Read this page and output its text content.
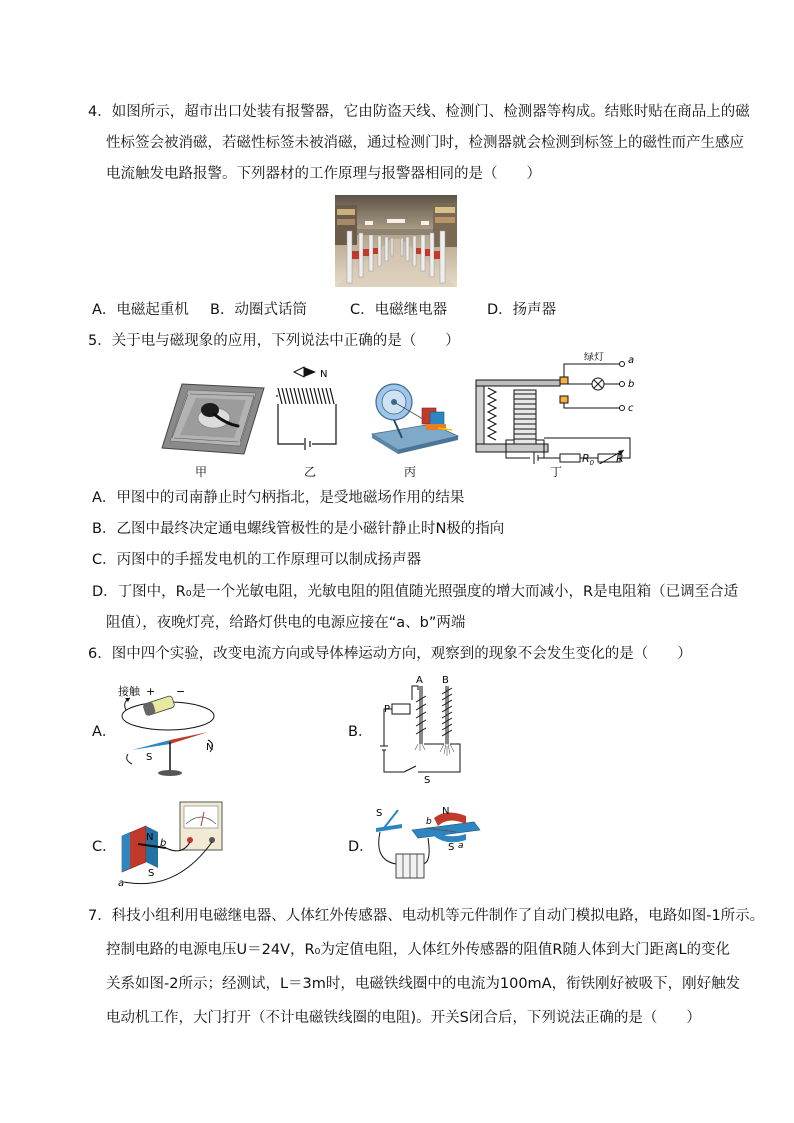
4．如图所示，超市出口处装有报警器，它由防盗天线、检测门、检测器等构成。结账时贴在商品上的磁
性标签会被消磁，若磁性标签未被消磁，通过检测门时，检测器就会检测到标签上的磁性而产生感应
电流触发电路报警。下列器材的工作原理与报警器相同的是（　　）
A．电磁起重机 B．动圈式话筒	C．电磁继电器	D．扬声器
5．关于电与磁现象的应用，下列说法中正确的是（　　）
甲
N
乙	丙
绿灯 a
b
c
$R_0$ R
丁
A．甲图中的司南静止时勺柄指北，是受地磁场作用的结果
B．乙图中最终决定通电螺线管极性的是小磁针静止时N极的指向
C．丙图中的手摇发电机的工作原理可以制成扬声器
D．丁图中，R₀是一个光敏电阻，光敏电阻的阻值随光照强度的增大而减小，R是电阻箱（已调至合适
阻值），夜晚灯亮，给路灯供电的电源应接在“a、b”两端
6．图中四个实验，改变电流方向或导体棒运动方向，观察到的现象不会发生变化的是（　　）
A．
接触 + −
S
N
B．
A B
P
S
C．
N
S
b
a
D．
S	N
S
b
a
7．科技小组利用电磁继电器、人体红外传感器、电动机等元件制作了自动门模拟电路，电路如图-1所示。
控制电路的电源电压U＝24V，R₀为定值电阻，人体红外传感器的阻值R随人体到大门距离L的变化
关系如图-2所示；经测试，L＝3m时，电磁铁线圈中的电流为100mA，衔铁刚好被吸下，刚好触发
电动机工作，大门打开（不计电磁铁线圈的电阻)。开关S闭合后，下列说法正确的是（　　）
